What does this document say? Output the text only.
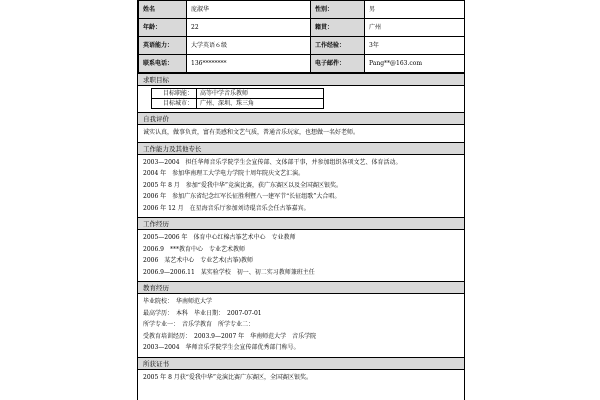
姓名	庞淑华	性别：	男
年龄：	22	籍贯：	广州
英语能力：	大学英语６级	工作经验：	3年
联系电话：	136********	电子邮件：	Pang**@163.com
求职目标
目标职能：	高等中学音乐教师
目标城市：	广州、深圳、珠三角
自我评价

诚实认真，做事负责，富有美感和文艺气质，普通音乐玩家，也想做一名好老师。

工作能力及其他专长

2003—2004　担任华师音乐学院学生会宣传部、文体部干事，并参加组织各项文艺、体育活动。

2004 年　参加华南理工大学电力学院十周年院庆文艺汇演。

2005 年 8 月　参加“爱我中华”竞演比赛，获广东赛区以及全国赛区银奖。

2006 年　参加广东省纪念红军长征胜利暨八一建军节“长征组歌”大合唱。

2006 年 12 月　在星海音乐厅参加刘诗琨音乐会任古筝嘉宾。

工作经历

2005—2006 年　体育中心红棉古筝艺术中心　专业教师

2006.9　***教育中心　专业艺术教师

2006　某艺术中心　专业艺术(古筝)教师

2006.9—2006.11　某实验学校　初一、初二实习教师兼班主任

教育经历

毕业院校：　华南师范大学

最高学历：　本科　毕业日期：　2007-07-01

所学专业一：　音乐学教育　所学专业二：

受教育培训经历：　2003.9—2007 年　华南师范大学　音乐学院

2003—2004　华师音乐学院学生会宣传部优秀部门称号。

所获证书

2005 年 8 月获“爱我中华”竞演比赛广东赛区，全国赛区银奖。
